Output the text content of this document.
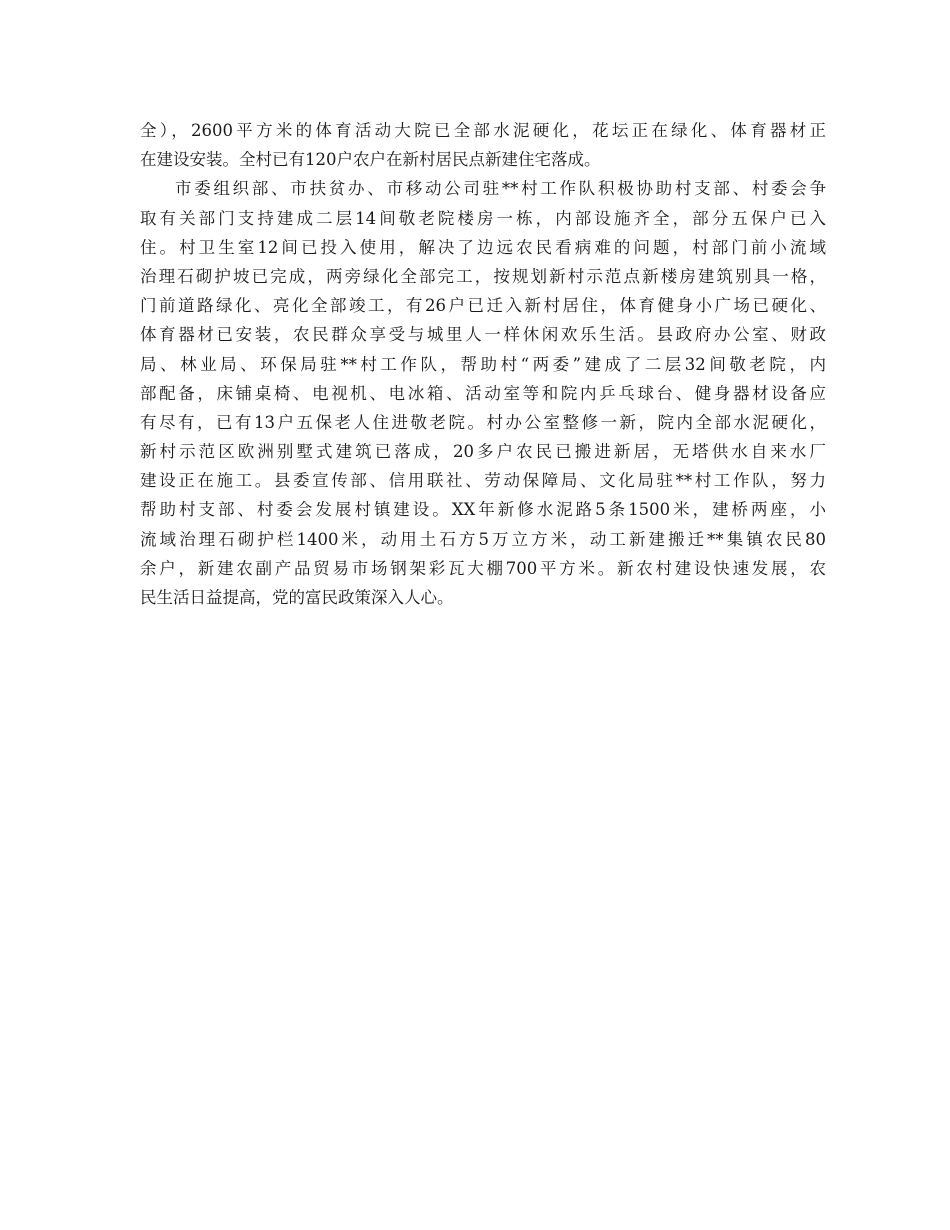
全），2600平方米的体育活动大院已全部水泥硬化，花坛正在绿化、体育器材正
在建设安装。全村已有120户农户在新村居民点新建住宅落成。
市委组织部、市扶贫办、市移动公司驻**村工作队积极协助村支部、村委会争
取有关部门支持建成二层14间敬老院楼房一栋，内部设施齐全，部分五保户已入
住。村卫生室12间已投入使用，解决了边远农民看病难的问题，村部门前小流域
治理石砌护坡已完成，两旁绿化全部完工，按规划新村示范点新楼房建筑别具一格，
门前道路绿化、亮化全部竣工，有26户已迁入新村居住，体育健身小广场已硬化、
体育器材已安装，农民群众享受与城里人一样休闲欢乐生活。县政府办公室、财政
局、林业局、环保局驻**村工作队，帮助村“两委”建成了二层32间敬老院，内
部配备，床铺桌椅、电视机、电冰箱、活动室等和院内乒乓球台、健身器材设备应
有尽有，已有13户五保老人住进敬老院。村办公室整修一新，院内全部水泥硬化，
新村示范区欧洲别墅式建筑已落成，20多户农民已搬进新居，无塔供水自来水厂
建设正在施工。县委宣传部、信用联社、劳动保障局、文化局驻**村工作队，努力
帮助村支部、村委会发展村镇建设。XX年新修水泥路5条1500米，建桥两座，小
流域治理石砌护栏1400米，动用土石方5万立方米，动工新建搬迁**集镇农民80
余户，新建农副产品贸易市场钢架彩瓦大棚700平方米。新农村建设快速发展，农
民生活日益提高，党的富民政策深入人心。
